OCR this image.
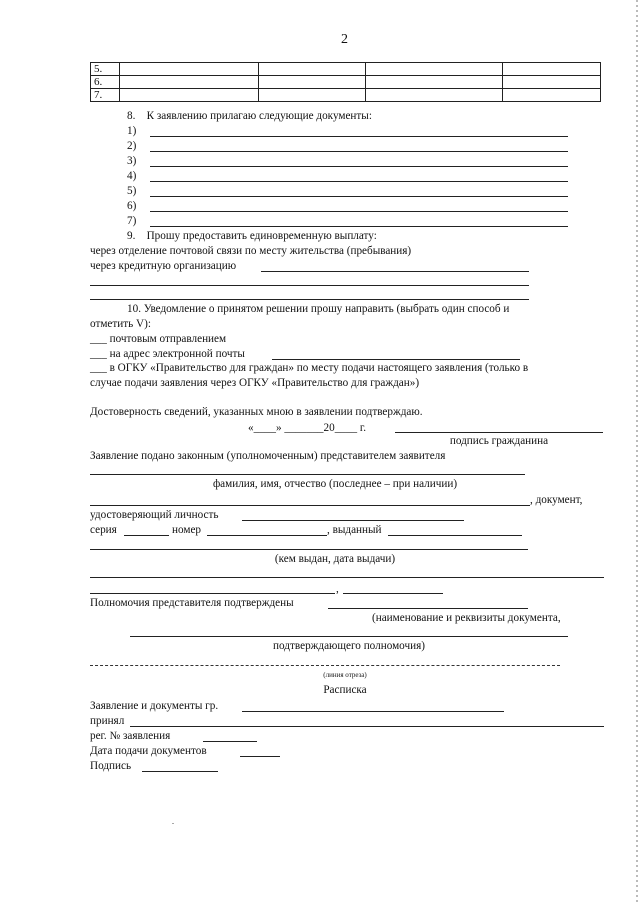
2
5.				
6.				
7.				
8. К заявлению прилагаю следующие документы:
1)
2)
3)
4)
5)
6)
7)
9. Прошу предоставить единовременную выплату:
через отделение почтовой связи по месту жительства (пребывания)
через кредитную организацию
10. Уведомление о принятом решении прошу направить (выбрать один способ и
отметить V):
___ почтовым отправлением
___ на адрес электронной почты
___ в ОГКУ «Правительство для граждан» по месту подачи настоящего заявления (только в
случае подачи заявления через ОГКУ «Правительство для граждан»)
Достоверность сведений, указанных мною в заявлении подтверждаю.
«____» _______20____ г.
подпись гражданина
Заявление подано законным (уполномоченным) представителем заявителя
фамилия, имя, отчество (последнее – при наличии)
, документ,
удостоверяющий личность
серия	номер	, выданный
(кем выдан, дата выдачи)
,
Полномочия представителя подтверждены
(наименование и реквизиты документа,
подтверждающего полномочия)
(линия отреза)
Расписка
Заявление и документы гр.
принял
рег. № заявления
Дата подачи документов
Подпись
.
